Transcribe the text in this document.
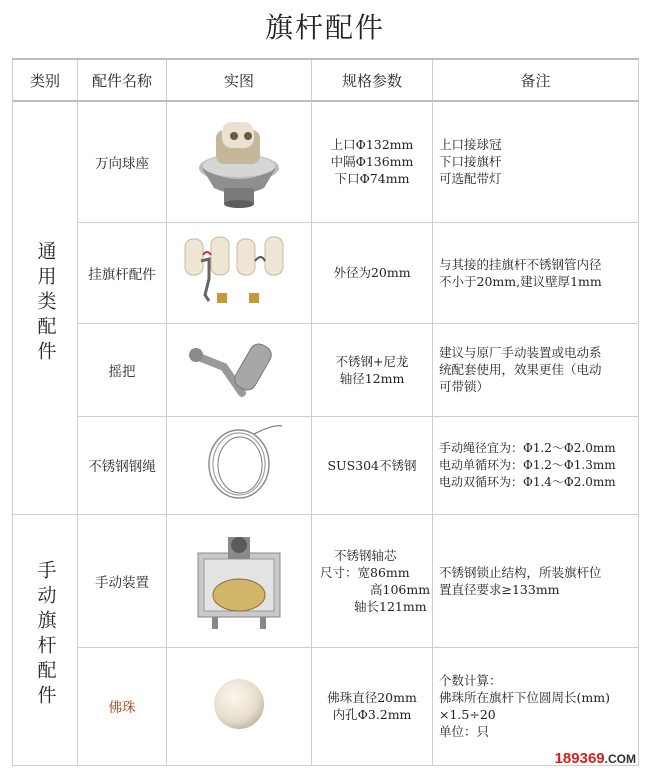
旗杆配件
类别	配件名称	实图	规格参数	备注
通用类配件	万向球座		上口Φ132mm
中隔Φ136mm
下口Φ74mm	上口接球冠
下口接旗杆
可选配带灯

	挂旗杆配件		外径为20mm	与其接的挂旗杆不锈钢管内径
不小于20mm,建议壁厚1mm

	摇把		不锈钢+尼龙
轴径12mm	建议与原厂手动装置或电动系
统配套使用，效果更佳（电动
可带锁）

	不锈钢钢绳		SUS304不锈钢	手动绳径宜为：Φ1.2～Φ2.0mm
电动单循环为：Φ1.2～Φ1.3mm
电动双循环为：Φ1.4～Φ2.0mm

手动旗杆配件	手动装置		不锈钢轴芯
尺寸：宽86mm
高106mm
轴长121mm	不锈钢锁止结构，所装旗杆位
置直径要求≥133mm

	佛珠		佛珠直径20mm
内孔Φ3.2mm	个数计算：
佛珠所在旗杆下位圆周长(mm)
×1.5÷20
单位：只
189369.COM
